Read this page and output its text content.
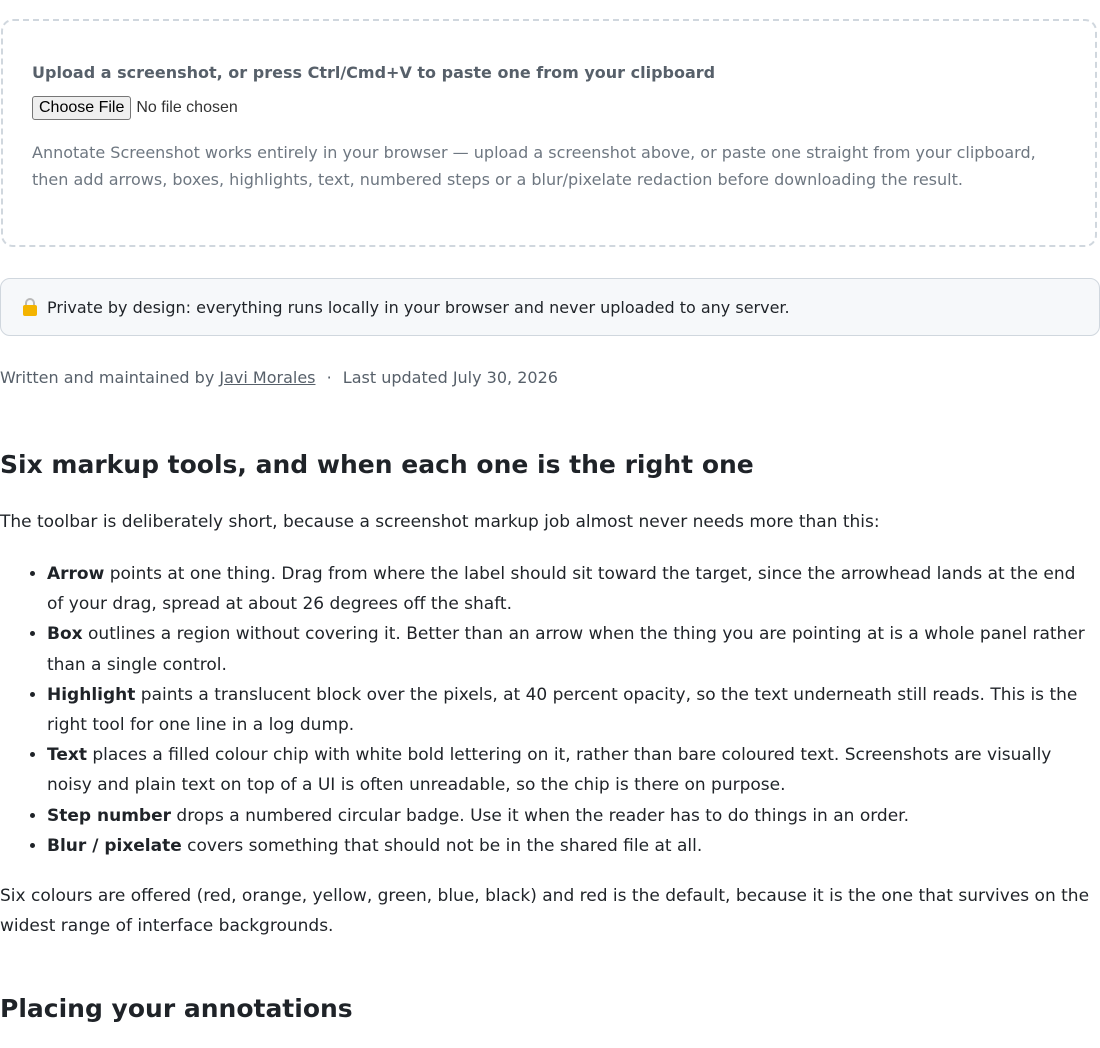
Upload a screenshot, or press Ctrl/Cmd+V to paste one from your clipboard
Choose File No file chosen
Annotate Screenshot works entirely in your browser — upload a screenshot above, or paste one straight from your clipboard, then add arrows, boxes, highlights, text, numbered steps or a blur/pixelate redaction before downloading the result.
Private by design: everything runs locally in your browser and never uploaded to any server.
Written and maintained by Javi Morales · Last updated July 30, 2026
Six markup tools, and when each one is the right one

The toolbar is deliberately short, because a screenshot markup job almost never needs more than this:

• Arrow points at one thing. Drag from where the label should sit toward the target, since the arrowhead lands at the end of your drag, spread at about 26 degrees off the shaft.
• Box outlines a region without covering it. Better than an arrow when the thing you are pointing at is a whole panel rather than a single control.
• Highlight paints a translucent block over the pixels, at 40 percent opacity, so the text underneath still reads. This is the right tool for one line in a log dump.
• Text places a filled colour chip with white bold lettering on it, rather than bare coloured text. Screenshots are visually noisy and plain text on top of a UI is often unreadable, so the chip is there on purpose.
• Step number drops a numbered circular badge. Use it when the reader has to do things in an order.
• Blur / pixelate covers something that should not be in the shared file at all.

Six colours are offered (red, orange, yellow, green, blue, black) and red is the default, because it is the one that survives on the widest range of interface backgrounds.

Placing your annotations
